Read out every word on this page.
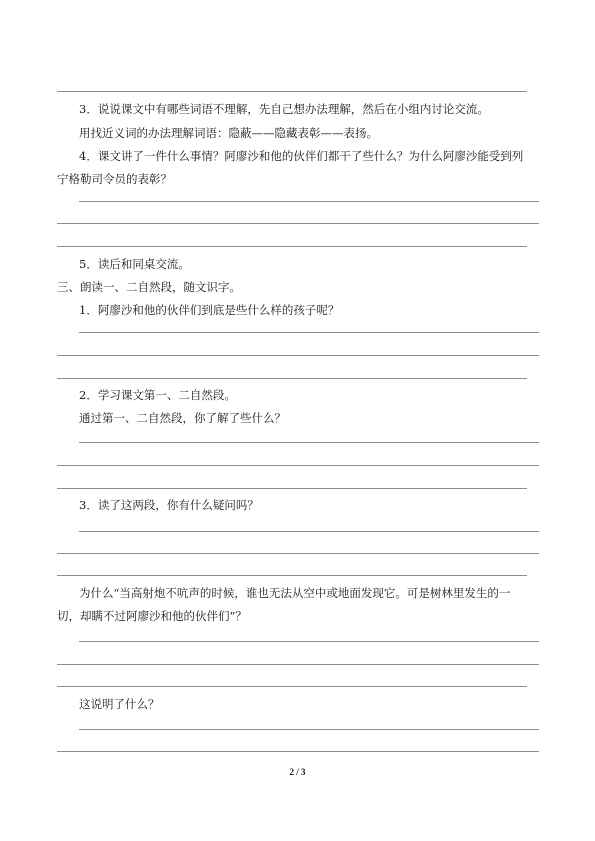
3．说说课文中有哪些词语不理解，先自己想办法理解，然后在小组内讨论交流。
用找近义词的办法理解词语：隐蔽——隐藏表彰——表扬。
4．课文讲了一件什么事情？阿廖沙和他的伙伴们都干了些什么？为什么阿廖沙能受到列
宁格勒司令员的表彰？
5．读后和同桌交流。
三、朗读一、二自然段，随文识字。
1．阿廖沙和他的伙伴们到底是些什么样的孩子呢？
2．学习课文第一、二自然段。
通过第一、二自然段，你了解了些什么？
3．读了这两段，你有什么疑问吗？
为什么“当高射炮不吭声的时候，谁也无法从空中或地面发现它。可是树林里发生的一
切，却瞒不过阿廖沙和他的伙伴们”？
这说明了什么？
2 / 3
